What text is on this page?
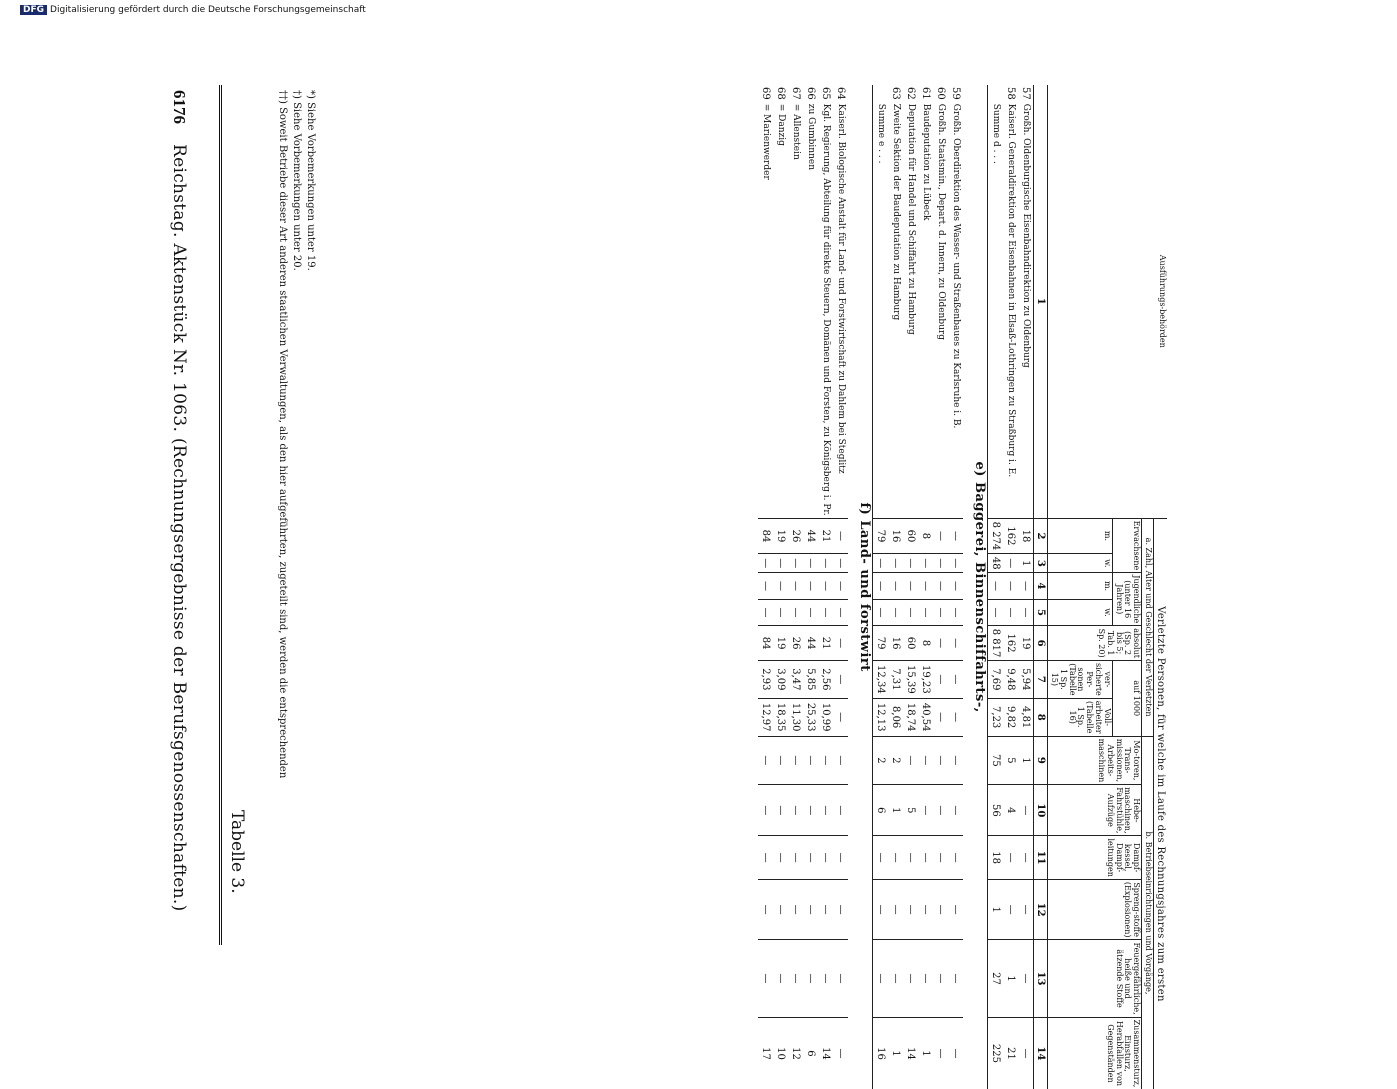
DFG Digitalisierung gefördert durch die Deutsche Forschungsgemeinschaft
Tabelle 3.
6176
Reichstag. Aktenstück Nr. 1063. (Rechnungsergebnisse der Berufsgenossenschaften.)	Ausführungs-behörden		Verletzte Personen, für welche im Laufe des Rechnungsjahres zum ersten												
		a. Zahl, Alter und Geschlecht der Verletzten							b. Betriebseinrichtungen und Vorgänge,					
		Erwachsene		Jugendliche (unter 16 Jahren)		absolut (Sp. 2 bis 5; Tab. 1 Sp. 20)	auf 1000		Mo-toren, Trans-missionen, Arbeits-maschinen	Hebe-maschinen, Fahrstühle, Aufzüge	Dampf-kessel, Dampf-leitungen	Spreng-stoffe (Explosionen)	Feuergefährliche, heiße und ätzende Stoffe	Zusammensturz, Einsturz, Herabfallen von Gegenständen
		m.	w.	m.	w.		ver-sicherte Per-sonen (Tabelle 1 Sp. 15)	Voll-arbeiter (Tabelle 1 Sp. 16)						
1		2	3	4	5	6	7	8	9	10	11	12	13	14
57	Großh. Oldenburgische Eisenbahndirektion zu Oldenburg	18	1	—	—	19	5,94	4,81	1	—	—	—	—	—
58	Kaiserl. Generaldirektion der Eisenbahnen in Elsaß-Lothringen zu Straßburg i. E.	162	—	—	—	162	9,48	9,82	5	4	—	—	1	21
	Summe d . . .	8 274	48	—	—	8 817	7,69	7,23	75	56	18	1	27	225
e) Baggerei, Binnenschiffahrts-,														
59	Großh. Oberdirektion des Wasser- und Straßenbaues zu Karlsruhe i. B.	—	—	—	—	—	—	—	—	—	—	—	—	—
60	Großh. Staatsmin., Depart. d. Innern, zu Oldenburg	—	—	—	—	—	—	—	—	—	—	—	—	—
61	Baudeputation zu Lübeck	8	—	—	—	8	19,23	40,54	—	—	—	—	—	1
62	Deputation für Handel und Schiffahrt zu Hamburg	60	—	—	—	60	15,39	18,74	—	5	—	—	—	14
63	Zweite Sektion der Baudeputation zu Hamburg	16	—	—	—	16	7,31	8,06	2	1	—	—	—	1
	Summe e . . .	79	—	—	—	79	12,34	12,13	2	6	—	—	—	16
f) Land- und forstwirt														
64	Kaiserl. Biologische Anstalt für Land- und Forstwirtschaft zu Dahlem bei Steglitz	—	—	—	—	—	—	—	—	—	—	—	—	—
65	Kgl. Regierung, Abteilung für direkte Steuern, Domänen und Forsten, zu Königsberg i. Pr.	21	—	—	—	21	2,56	10,99	—	—	—	—	—	14
66	zu Gumbinnen	44	—	—	—	44	5,85	25,33	—	—	—	—	—	6
67	= Allenstein	26	—	—	—	26	3,47	11,30	—	—	—	—	—	12
68	= Danzig	19	—	—	—	19	3,09	18,35	—	—	—	—	—	10
69	= Marienwerder	84	—	—	—	84	2,93	12,97	—	—	—	—	—	17

*) Siehe Vorbemerkungen unter 19.

†) Siehe Vorbemerkungen unter 20.

††) Soweit Betriebe dieser Art anderen staatlichen Verwaltungen, als den hier aufgeführten, zugeteilt sind, werden die entsprechenden
